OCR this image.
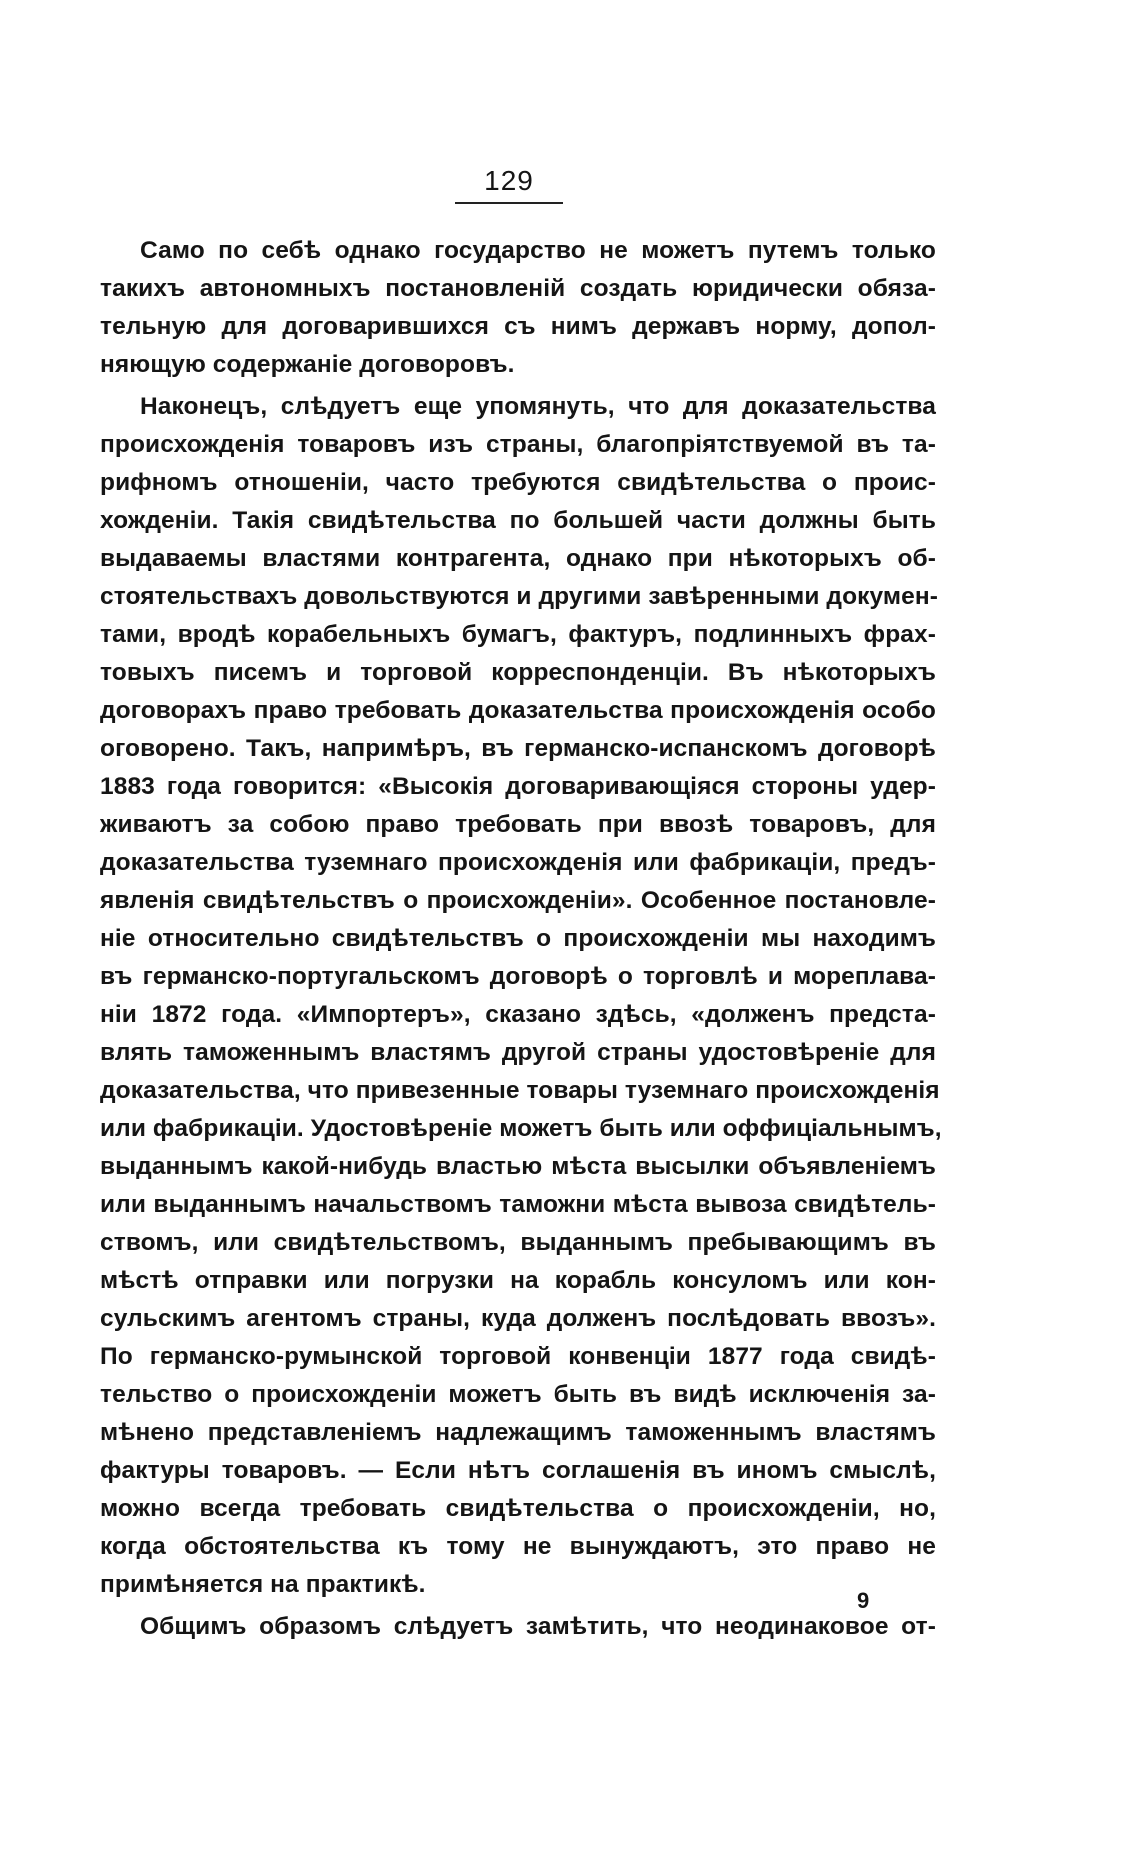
129
Само по себѣ однако государство не можетъ путемъ только
такихъ автономныхъ постановленій создать юридически обяза-
тельную для договарившихся съ нимъ державъ норму, допол-
няющую содержаніе договоровъ.
Наконецъ, слѣдуетъ еще упомянуть, что для доказательства
происхожденія товаровъ изъ страны, благопріятствуемой въ та-
рифномъ отношеніи, часто требуются свидѣтельства о проис-
хожденіи. Такія свидѣтельства по большей части должны быть
выдаваемы властями контрагента, однако при нѣкоторыхъ об-
стоятельствахъ довольствуются и другими завѣренными докумен-
тами, вродѣ корабельныхъ бумагъ, фактуръ, подлинныхъ фрах-
товыхъ писемъ и торговой корреспонденціи. Въ нѣкоторыхъ
договорахъ право требовать доказательства происхожденія особо
оговорено. Такъ, напримѣръ, въ германско-испанскомъ договорѣ
1883 года говорится: «Высокія договаривающіяся стороны удер-
живаютъ за собою право требовать при ввозѣ товаровъ, для
доказательства туземнаго происхожденія или фабрикаціи, предъ-
явленія свидѣтельствъ о происхожденіи». Особенное постановле-
ніе относительно свидѣтельствъ о происхожденіи мы находимъ
въ германско-португальскомъ договорѣ о торговлѣ и мореплава-
ніи 1872 года. «Импортеръ», сказано здѣсь, «долженъ предста-
влять таможеннымъ властямъ другой страны удостовѣреніе для
доказательства, что привезенные товары туземнаго происхожденія
или фабрикаціи. Удостовѣреніе можетъ быть или оффиціальнымъ,
выданнымъ какой-нибудь властью мѣста высылки объявленіемъ
или выданнымъ начальствомъ таможни мѣста вывоза свидѣтель-
ствомъ, или свидѣтельствомъ, выданнымъ пребывающимъ въ
мѣстѣ отправки или погрузки на корабль консуломъ или кон-
сульскимъ агентомъ страны, куда долженъ послѣдовать ввозъ».
По германско-румынской торговой конвенціи 1877 года свидѣ-
тельство о происхожденіи можетъ быть въ видѣ исключенія за-
мѣнено представленіемъ надлежащимъ таможеннымъ властямъ
фактуры товаровъ. — Если нѣтъ соглашенія въ иномъ смыслѣ,
можно всегда требовать свидѣтельства о происхожденіи, но,
когда обстоятельства къ тому не вынуждаютъ, это право не
примѣняется на практикѣ.
Общимъ образомъ слѣдуетъ замѣтить, что неодинаковое от-
9
